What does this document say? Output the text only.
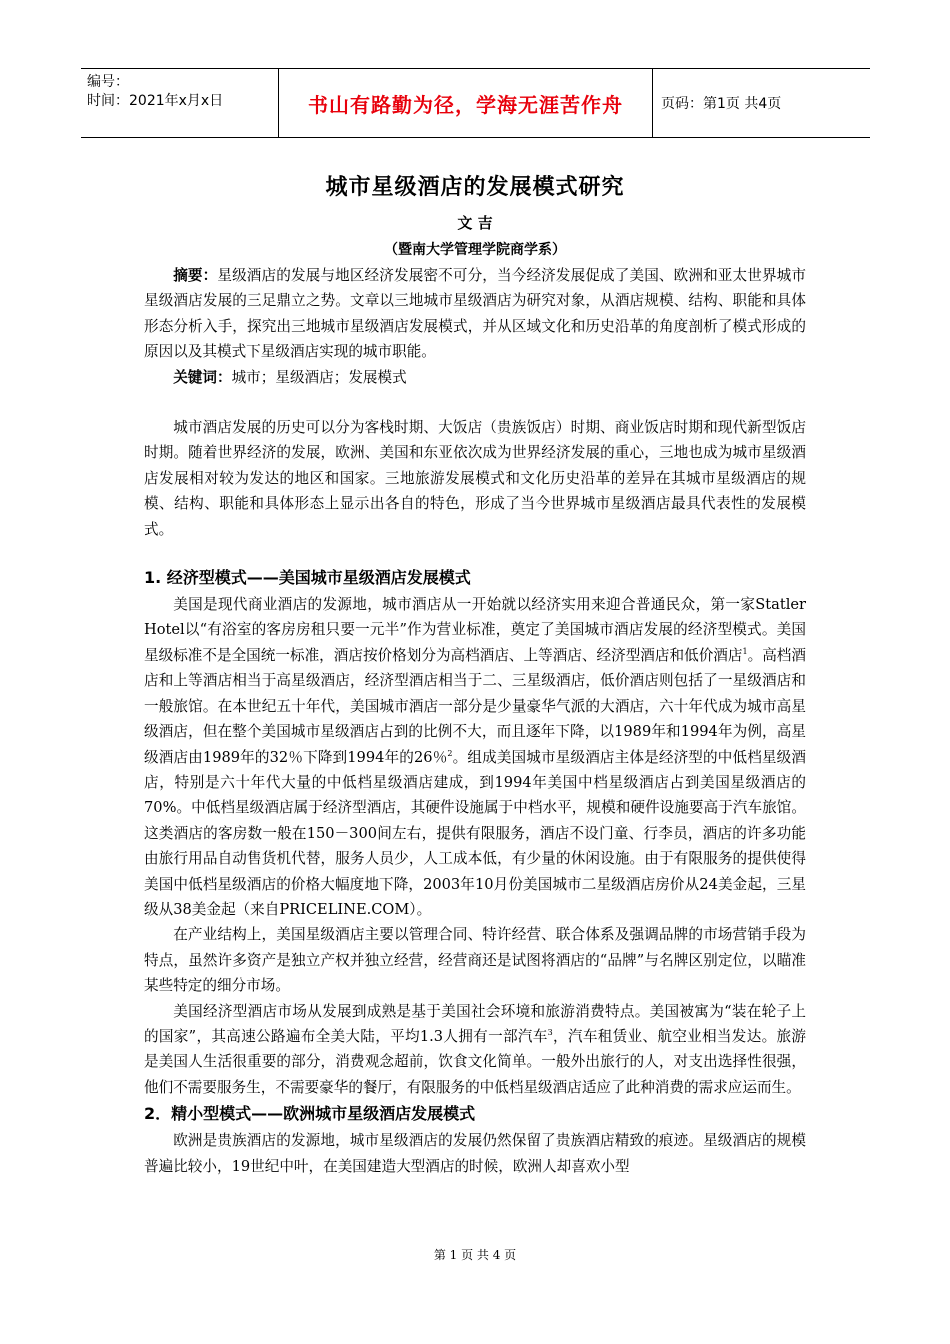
编号：
时间：2021年x月x日	书山有路勤为径，学海无涯苦作舟	页码：第1页 共4页
城市星级酒店的发展模式研究
文 吉
（暨南大学管理学院商学系）

摘要：星级酒店的发展与地区经济发展密不可分，当今经济发展促成了美国、欧洲和亚太世界城市星级酒店发展的三足鼎立之势。文章以三地城市星级酒店为研究对象，从酒店规模、结构、职能和具体形态分析入手，探究出三地城市星级酒店发展模式，并从区域文化和历史沿革的角度剖析了模式形成的原因以及其模式下星级酒店实现的城市职能。

关键词：城市；星级酒店；发展模式

城市酒店发展的历史可以分为客栈时期、大饭店（贵族饭店）时期、商业饭店时期和现代新型饭店时期。随着世界经济的发展，欧洲、美国和东亚依次成为世界经济发展的重心，三地也成为城市星级酒店发展相对较为发达的地区和国家。三地旅游发展模式和文化历史沿革的差异在其城市星级酒店的规模、结构、职能和具体形态上显示出各自的特色，形成了当今世界城市星级酒店最具代表性的发展模式。

1. 经济型模式——美国城市星级酒店发展模式

美国是现代商业酒店的发源地，城市酒店从一开始就以经济实用来迎合普通民众，第一家Statler Hotel以“有浴室的客房房租只要一元半”作为营业标准，奠定了美国城市酒店发展的经济型模式。美国星级标准不是全国统一标准，酒店按价格划分为高档酒店、上等酒店、经济型酒店和低价酒店$^1$。高档酒店和上等酒店相当于高星级酒店，经济型酒店相当于二、三星级酒店，低价酒店则包括了一星级酒店和一般旅馆。在本世纪五十年代，美国城市酒店一部分是少量豪华气派的大酒店，六十年代成为城市高星级酒店，但在整个美国城市星级酒店占到的比例不大，而且逐年下降，以1989年和1994年为例，高星级酒店由1989年的32％下降到1994年的26％$^2$。组成美国城市星级酒店主体是经济型的中低档星级酒店，特别是六十年代大量的中低档星级酒店建成，到1994年美国中档星级酒店占到美国星级酒店的70%。中低档星级酒店属于经济型酒店，其硬件设施属于中档水平，规模和硬件设施要高于汽车旅馆。这类酒店的客房数一般在150－300间左右，提供有限服务，酒店不设门童、行李员，酒店的许多功能由旅行用品自动售货机代替，服务人员少，人工成本低，有少量的休闲设施。由于有限服务的提供使得美国中低档星级酒店的价格大幅度地下降，2003年10月份美国城市二星级酒店房价从24美金起，三星级从38美金起（来自PRICELINE.COM）。

在产业结构上，美国星级酒店主要以管理合同、特许经营、联合体系及强调品牌的市场营销手段为特点，虽然许多资产是独立产权并独立经营，经营商还是试图将酒店的“品牌”与名牌区别定位，以瞄准某些特定的细分市场。

美国经济型酒店市场从发展到成熟是基于美国社会环境和旅游消费特点。美国被寓为“装在轮子上的国家”，其高速公路遍布全美大陆，平均1.3人拥有一部汽车$^3$，汽车租赁业、航空业相当发达。旅游是美国人生活很重要的部分，消费观念超前，饮食文化简单。一般外出旅行的人，对支出选择性很强，他们不需要服务生，不需要豪华的餐厅，有限服务的中低档星级酒店适应了此种消费的需求应运而生。

2．精小型模式——欧洲城市星级酒店发展模式

欧洲是贵族酒店的发源地，城市星级酒店的发展仍然保留了贵族酒店精致的痕迹。星级酒店的规模普遍比较小，19世纪中叶，在美国建造大型酒店的时候，欧洲人却喜欢小型

第 1 页 共 4 页
